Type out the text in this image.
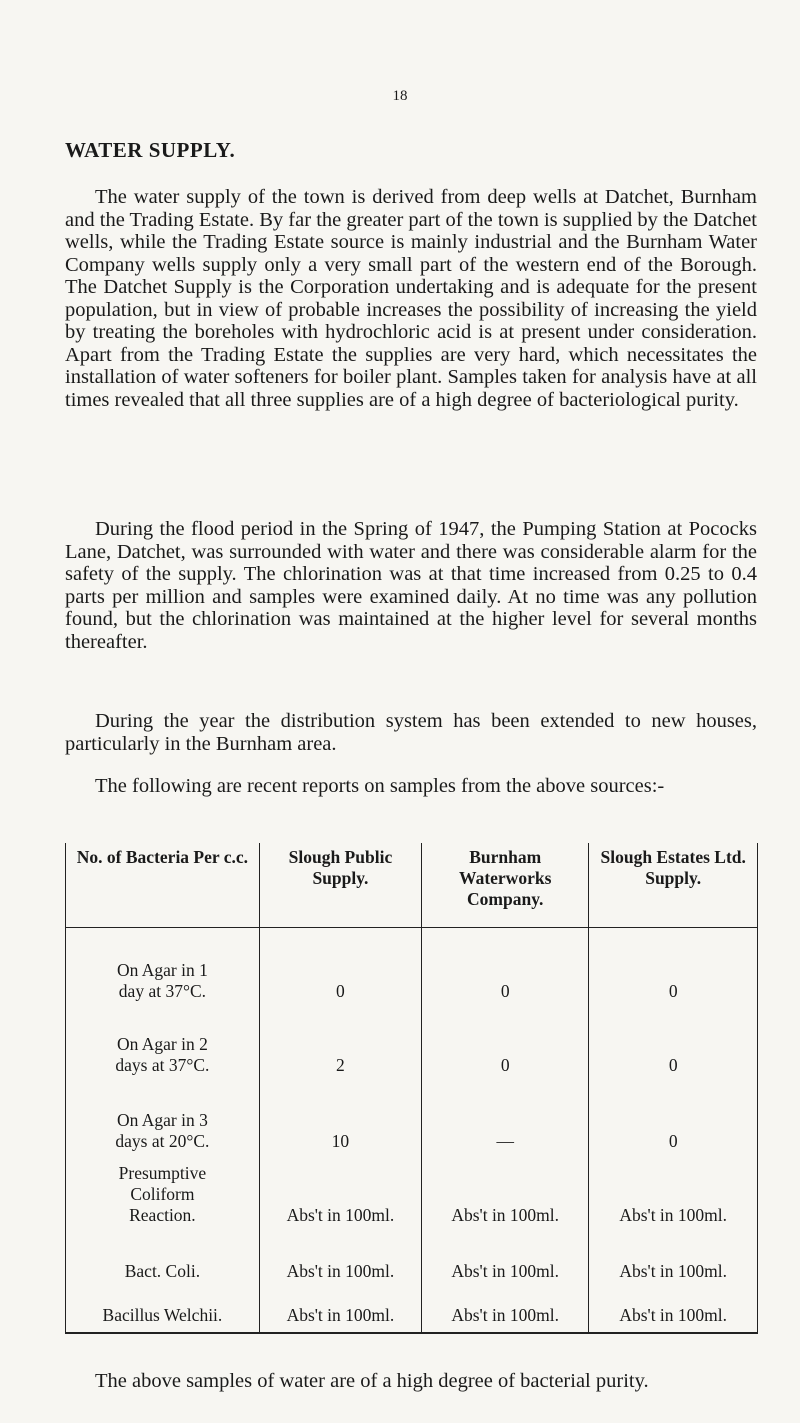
18
WATER SUPPLY.

The water supply of the town is derived from deep wells at Datchet, Burnham and the Trading Estate. By far the greater part of the town is supplied by the Datchet wells, while the Trading Estate source is mainly industrial and the Burnham Water Company wells supply only a very small part of the western end of the Borough. The Datchet Supply is the Corporation undertaking and is adequate for the present population, but in view of probable increases the possibility of increasing the yield by treating the boreholes with hydrochloric acid is at present under consideration. Apart from the Trading Estate the supplies are very hard, which necessitates the installation of water softeners for boiler plant. Samples taken for analysis have at all times revealed that all three supplies are of a high degree of bacteriological purity.

During the flood period in the Spring of 1947, the Pumping Station at Pococks Lane, Datchet, was surrounded with water and there was considerable alarm for the safety of the supply. The chlorination was at that time increased from 0.25 to 0.4 parts per million and samples were examined daily. At no time was any pollution found, but the chlorination was maintained at the higher level for several months thereafter.

During the year the distribution system has been extended to new houses, particularly in the Burnham area.

The following are recent reports on samples from the above sources:-

No. of Bacteria Per c.c.	Slough Public Supply.	Burnham Waterworks Company.	Slough Estates Ltd. Supply.

On Agar in 1
day at 37°C.	0	0	0

On Agar in 2
days at 37°C.	2	0	0

On Agar in 3
days at 20°C.	10	—	0

Presumptive
Coliform
Reaction.	Abs't in 100ml.	Abs't in 100ml.	Abs't in 100ml.
Bact. Coli.	Abs't in 100ml.	Abs't in 100ml.	Abs't in 100ml.
Bacillus Welchii.	Abs't in 100ml.	Abs't in 100ml.	Abs't in 100ml.

The above samples of water are of a high degree of bacterial purity.
